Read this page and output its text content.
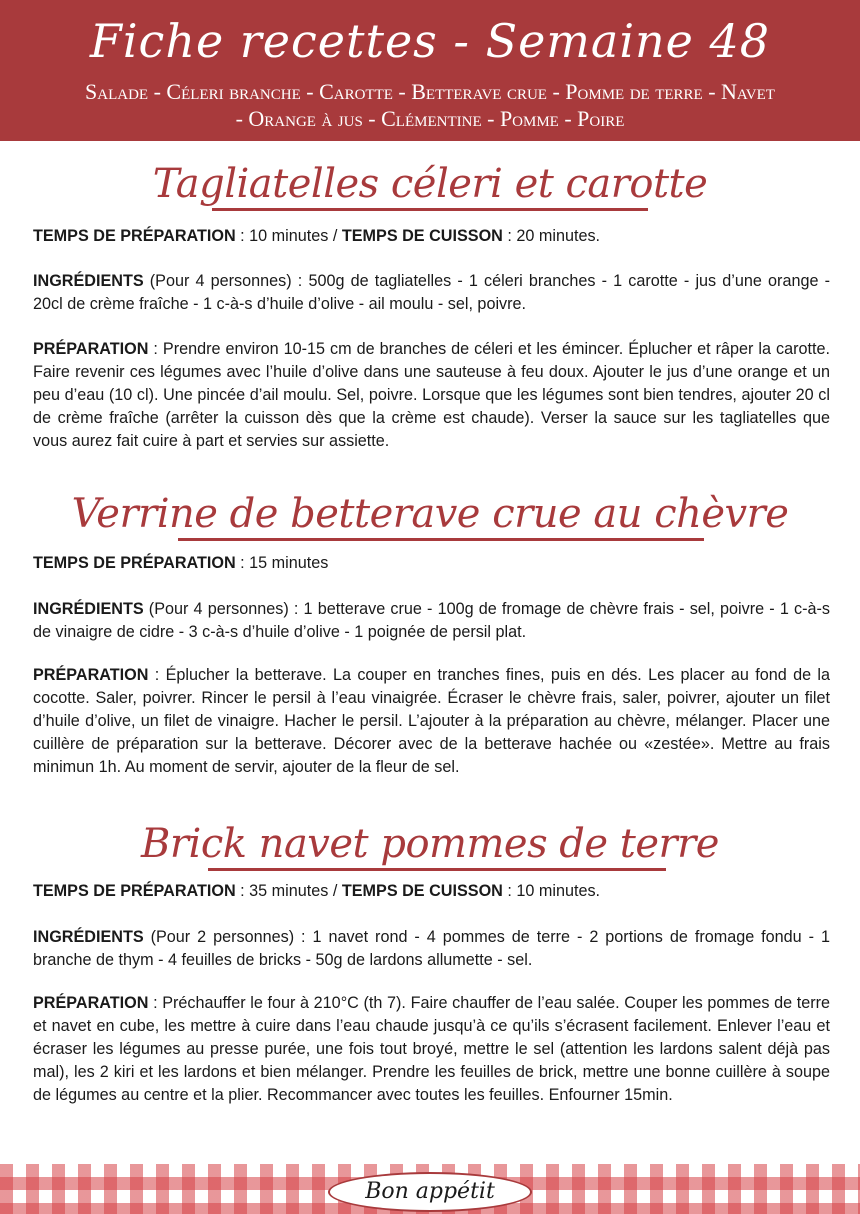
Fiche recettes - Semaine 48
Salade - Céleri branche - Carotte - Betterave crue - Pomme de terre - Navet - Orange à jus - Clémentine - Pomme - Poire
Tagliatelles céleri et carotte
TEMPS DE PRÉPARATION : 10 minutes / TEMPS DE CUISSON : 20 minutes.
INGRÉDIENTS (Pour 4 personnes) : 500g de tagliatelles - 1 céleri branches - 1 carotte - jus d’une orange - 20cl de crème fraîche - 1 c-à-s d’huile d’olive - ail moulu - sel, poivre.
PRÉPARATION : Prendre environ 10-15 cm de branches de céleri et les émincer. Éplucher et râper la carotte. Faire revenir ces légumes avec l’huile d’olive dans une sauteuse à feu doux. Ajouter le jus d’une orange et un peu d’eau (10 cl). Une pincée d’ail moulu. Sel, poivre. Lorsque que les légumes sont bien tendres, ajouter 20 cl de crème fraîche (arrêter la cuisson dès que la crème est chaude). Verser la sauce sur les tagliatelles que vous aurez fait cuire à part et servies sur assiette.
Verrine de betterave crue au chèvre
TEMPS DE PRÉPARATION : 15 minutes
INGRÉDIENTS (Pour 4 personnes) : 1 betterave crue - 100g de fromage de chèvre frais - sel, poivre - 1 c-à-s de vinaigre de cidre - 3 c-à-s d’huile d’olive - 1 poignée de persil plat.
PRÉPARATION : Éplucher la betterave. La couper en tranches fines, puis en dés. Les placer au fond de la cocotte. Saler, poivrer. Rincer le persil à l’eau vinaigrée. Écraser le chèvre frais, saler, poivrer, ajouter un filet d’huile d’olive, un filet de vinaigre. Hacher le persil. L’ajouter à la préparation au chèvre, mélanger. Placer une cuillère de préparation sur la betterave. Décorer avec de la betterave hachée ou «zestée». Mettre au frais minimun 1h. Au moment de servir, ajouter de la fleur de sel.
Brick navet pommes de terre
TEMPS DE PRÉPARATION : 35 minutes / TEMPS DE CUISSON : 10 minutes.
INGRÉDIENTS (Pour 2 personnes) : 1 navet rond - 4 pommes de terre - 2 portions de fromage fondu - 1 branche de thym - 4 feuilles de bricks - 50g de lardons allumette - sel.
PRÉPARATION : Préchauffer le four à 210°C (th 7). Faire chauffer de l’eau salée. Couper les pommes de terre et navet en cube, les mettre à cuire dans l’eau chaude jusqu’à ce qu’ils s’écrasent facilement. Enlever l’eau et écraser les légumes au presse purée, une fois tout broyé, mettre le sel (attention les lardons salent déjà pas mal), les 2 kiri et les lardons et bien mélanger. Prendre les feuilles de brick, mettre une bonne cuillère à soupe de légumes au centre et la plier. Recommancer avec toutes les feuilles. Enfourner 15min.
Bon appétit
